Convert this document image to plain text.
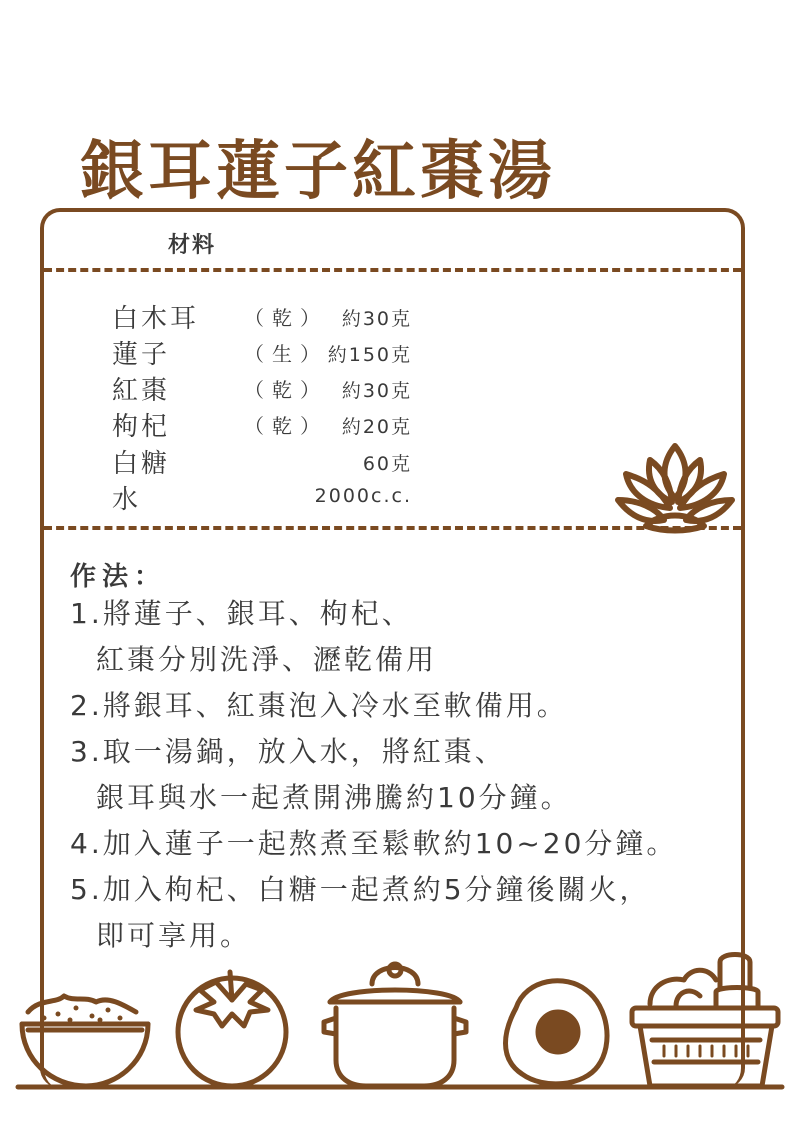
銀耳蓮子紅棗湯
材料
白木耳 （乾） 約30克
蓮子	（生） 約150克
紅棗	（乾） 約30克
枸杞	（乾） 約20克
白糖	60克
水	2000c.c.
作法：
1.將蓮子、銀耳、枸杞、
紅棗分別洗淨、瀝乾備用
2.將銀耳、紅棗泡入冷水至軟備用。
3.取一湯鍋，放入水，將紅棗、
銀耳與水一起煮開沸騰約10分鐘。
4.加入蓮子一起熬煮至鬆軟約10~20分鐘。
5.加入枸杞、白糖一起煮約5分鐘後關火，
即可享用。
